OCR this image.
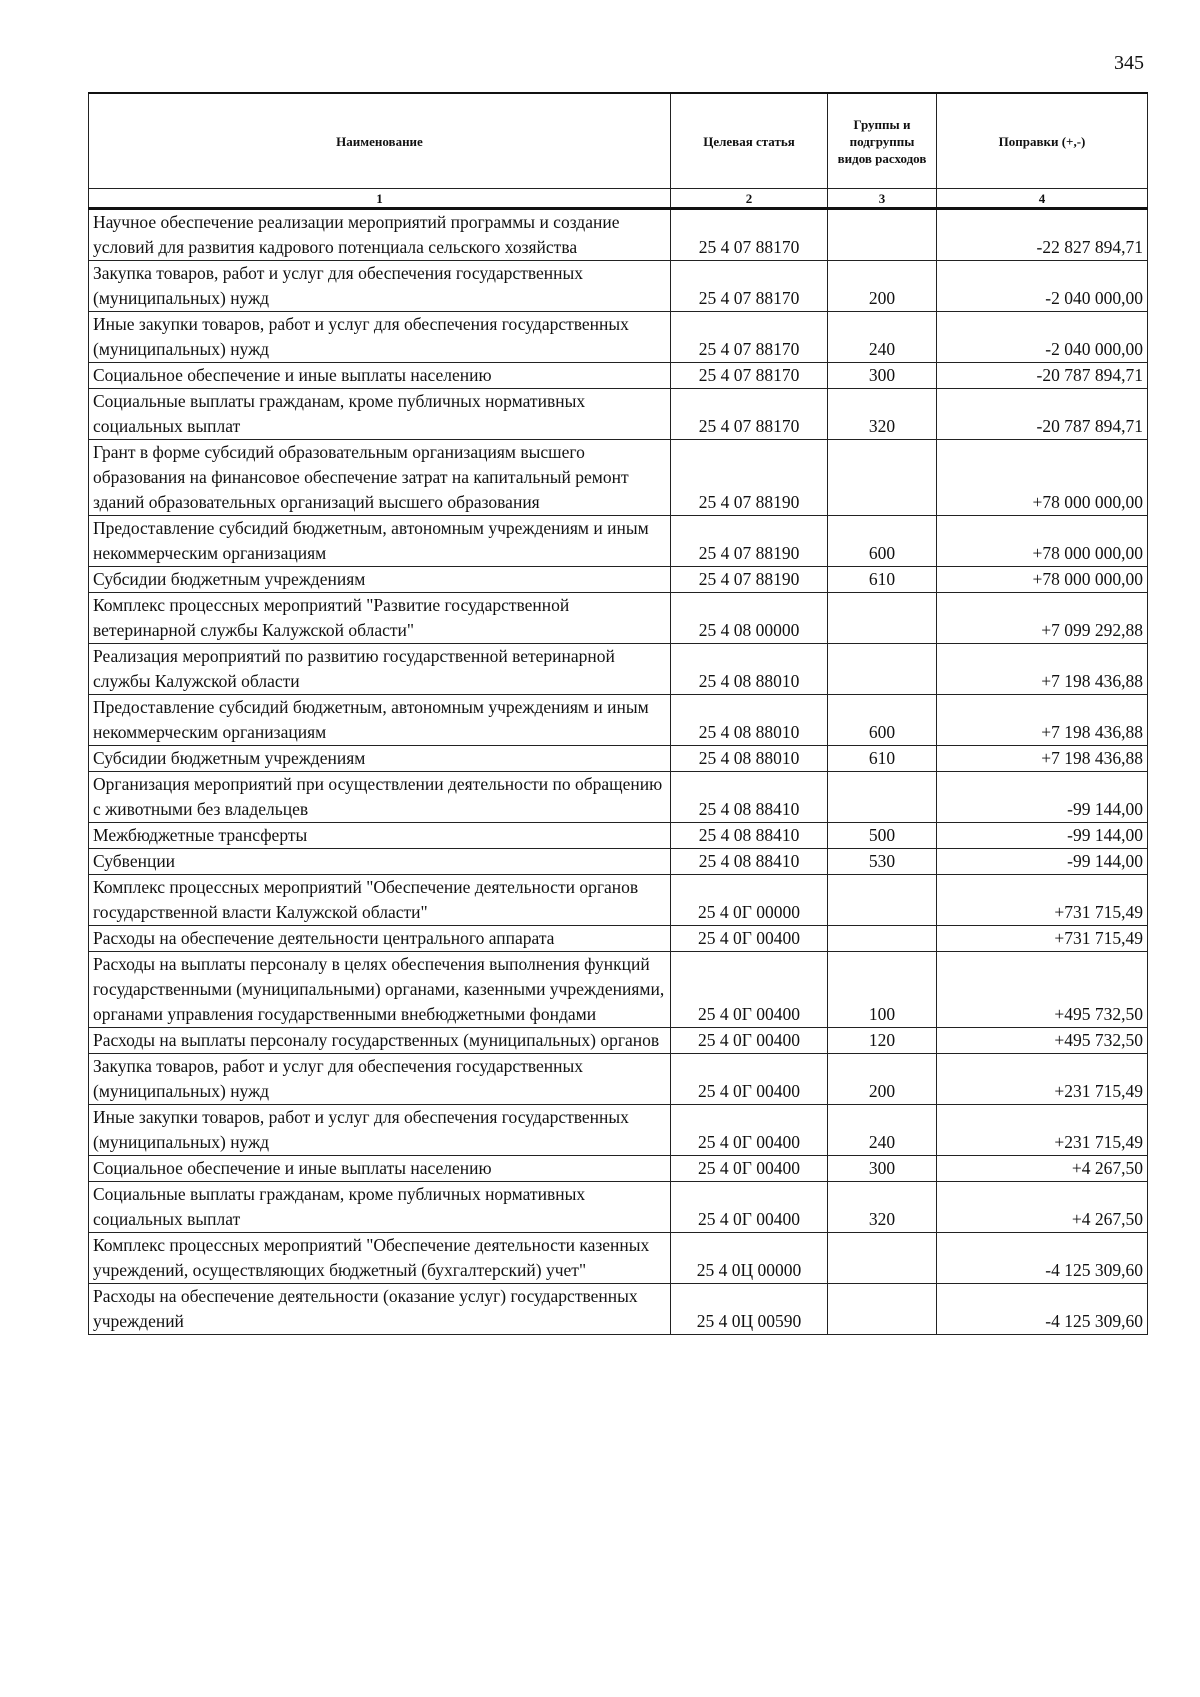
345
Наименование	Целевая статья	Группы и подгруппы видов расходов	Поправки (+,-)
1	2	3	4
Научное обеспечение реализации мероприятий программы и создание условий для развития кадрового потенциала сельского хозяйства	25 4 07 88170		-22 827 894,71
Закупка товаров, работ и услуг для обеспечения государственных (муниципальных) нужд	25 4 07 88170	200	-2 040 000,00
Иные закупки товаров, работ и услуг для обеспечения государственных (муниципальных) нужд	25 4 07 88170	240	-2 040 000,00
Социальное обеспечение и иные выплаты населению	25 4 07 88170	300	-20 787 894,71
Социальные выплаты гражданам, кроме публичных нормативных социальных выплат	25 4 07 88170	320	-20 787 894,71
Грант в форме субсидий образовательным организациям высшего образования на финансовое обеспечение затрат на капитальный ремонт зданий образовательных организаций высшего образования	25 4 07 88190		+78 000 000,00
Предоставление субсидий бюджетным, автономным учреждениям и иным некоммерческим организациям	25 4 07 88190	600	+78 000 000,00
Субсидии бюджетным учреждениям	25 4 07 88190	610	+78 000 000,00
Комплекс процессных мероприятий "Развитие государственной ветеринарной службы Калужской области"	25 4 08 00000		+7 099 292,88
Реализация мероприятий по развитию государственной ветеринарной службы Калужской области	25 4 08 88010		+7 198 436,88
Предоставление субсидий бюджетным, автономным учреждениям и иным некоммерческим организациям	25 4 08 88010	600	+7 198 436,88
Субсидии бюджетным учреждениям	25 4 08 88010	610	+7 198 436,88
Организация мероприятий при осуществлении деятельности по обращению с животными без владельцев	25 4 08 88410		-99 144,00
Межбюджетные трансферты	25 4 08 88410	500	-99 144,00
Субвенции	25 4 08 88410	530	-99 144,00
Комплекс процессных мероприятий "Обеспечение деятельности органов государственной власти Калужской области"	25 4 0Г 00000		+731 715,49
Расходы на обеспечение деятельности центрального аппарата	25 4 0Г 00400		+731 715,49
Расходы на выплаты персоналу в целях обеспечения выполнения функций государственными (муниципальными) органами, казенными учреждениями, органами управления государственными внебюджетными фондами	25 4 0Г 00400	100	+495 732,50
Расходы на выплаты персоналу государственных (муниципальных) органов	25 4 0Г 00400	120	+495 732,50
Закупка товаров, работ и услуг для обеспечения государственных (муниципальных) нужд	25 4 0Г 00400	200	+231 715,49
Иные закупки товаров, работ и услуг для обеспечения государственных (муниципальных) нужд	25 4 0Г 00400	240	+231 715,49
Социальное обеспечение и иные выплаты населению	25 4 0Г 00400	300	+4 267,50
Социальные выплаты гражданам, кроме публичных нормативных социальных выплат	25 4 0Г 00400	320	+4 267,50
Комплекс процессных мероприятий "Обеспечение деятельности казенных учреждений, осуществляющих бюджетный (бухгалтерский) учет"	25 4 0Ц 00000		-4 125 309,60
Расходы на обеспечение деятельности (оказание услуг) государственных учреждений	25 4 0Ц 00590		-4 125 309,60
